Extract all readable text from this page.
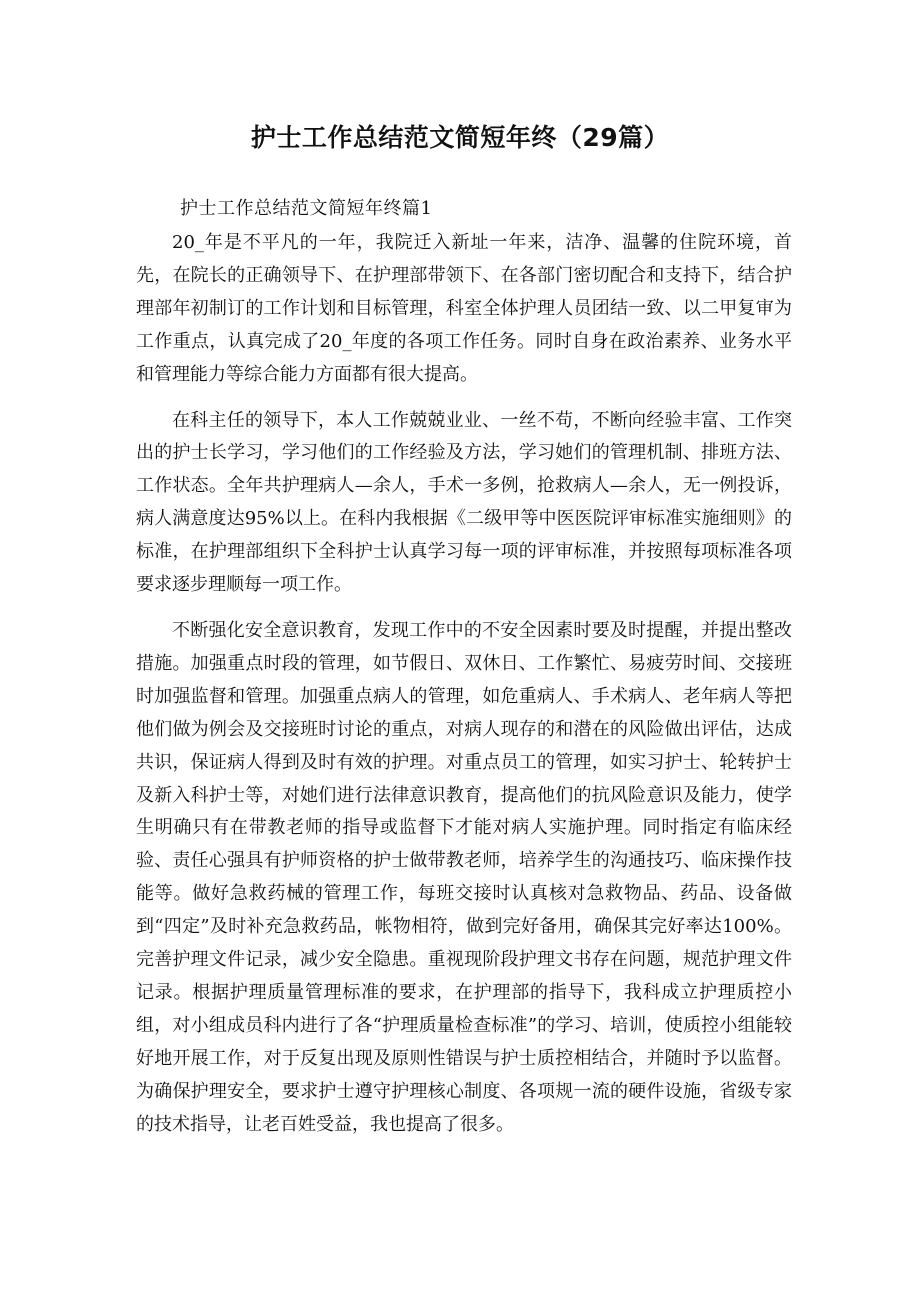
护士工作总结范文简短年终（29篇）
护士工作总结范文简短年终篇1

20_年是不平凡的一年，我院迁入新址一年来，洁净、温馨的住院环境，首先，在院长的正确领导下、在护理部带领下、在各部门密切配合和支持下，结合护理部年初制订的工作计划和目标管理，科室全体护理人员团结一致、以二甲复审为工作重点，认真完成了20_年度的各项工作任务。同时自身在政治素养、业务水平和管理能力等综合能力方面都有很大提高。

在科主任的领导下，本人工作兢兢业业、一丝不苟，不断向经验丰富、工作突出的护士长学习，学习他们的工作经验及方法，学习她们的管理机制、排班方法、工作状态。全年共护理病人—余人，手术一多例，抢救病人—余人，无一例投诉，病人满意度达95%以上。在科内我根据《二级甲等中医医院评审标准实施细则》的标准，在护理部组织下全科护士认真学习每一项的评审标准，并按照每项标准各项要求逐步理顺每一项工作。

不断强化安全意识教育，发现工作中的不安全因素时要及时提醒，并提出整改措施。加强重点时段的管理，如节假日、双休日、工作繁忙、易疲劳时间、交接班时加强监督和管理。加强重点病人的管理，如危重病人、手术病人、老年病人等把他们做为例会及交接班时讨论的重点，对病人现存的和潜在的风险做出评估，达成共识，保证病人得到及时有效的护理。对重点员工的管理，如实习护士、轮转护士及新入科护士等，对她们进行法律意识教育，提高他们的抗风险意识及能力，使学生明确只有在带教老师的指导或监督下才能对病人实施护理。同时指定有临床经验、责任心强具有护师资格的护士做带教老师，培养学生的沟通技巧、临床操作技能等。做好急救药械的管理工作，每班交接时认真核对急救物品、药品、设备做到“四定”及时补充急救药品，帐物相符，做到完好备用，确保其完好率达100%。完善护理文件记录，减少安全隐患。重视现阶段护理文书存在问题，规范护理文件记录。根据护理质量管理标准的要求，在护理部的指导下，我科成立护理质控小组，对小组成员科内进行了各“护理质量检查标准”的学习、培训，使质控小组能较好地开展工作，对于反复出现及原则性错误与护士质控相结合，并随时予以监督。为确保护理安全，要求护士遵守护理核心制度、各项规一流的硬件设施，省级专家的技术指导，让老百姓受益，我也提高了很多。
